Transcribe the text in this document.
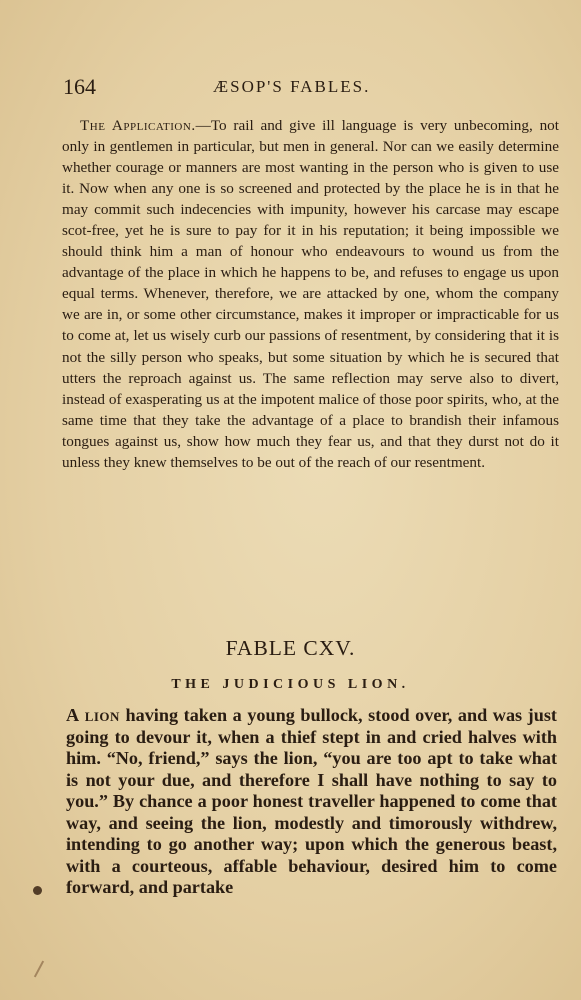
164	ÆSOP'S FABLES.

The Application.—To rail and give ill language is very unbecoming, not only in gentlemen in particular, but men in general. Nor can we easily determine whether courage or manners are most wanting in the person who is given to use it. Now when any one is so screened and protected by the place he is in that he may commit such indecencies with impunity, however his carcase may escape scot-free, yet he is sure to pay for it in his reputation; it being impossible we should think him a man of honour who endeavours to wound us from the advantage of the place in which he happens to be, and refuses to engage us upon equal terms. Whenever, therefore, we are attacked by one, whom the company we are in, or some other circumstance, makes it improper or impracticable for us to come at, let us wisely curb our passions of resentment, by considering that it is not the silly person who speaks, but some situation by which he is secured that utters the reproach against us. The same reflection may serve also to divert, instead of exasperating us at the impotent malice of those poor spirits, who, at the same time that they take the advantage of a place to brandish their infamous tongues against us, show how much they fear us, and that they durst not do it unless they knew themselves to be out of the reach of our resentment.

FABLE CXV.
THE JUDICIOUS LION.

A lion having taken a young bullock, stood over, and was just going to devour it, when a thief stept in and cried halves with him. “No, friend,” says the lion, “you are too apt to take what is not your due, and therefore I shall have nothing to say to you.” By chance a poor honest traveller happened to come that way, and seeing the lion, modestly and timorously withdrew, intending to go another way; upon which the generous beast, with a courteous, affable behaviour, desired him to come forward, and partake
